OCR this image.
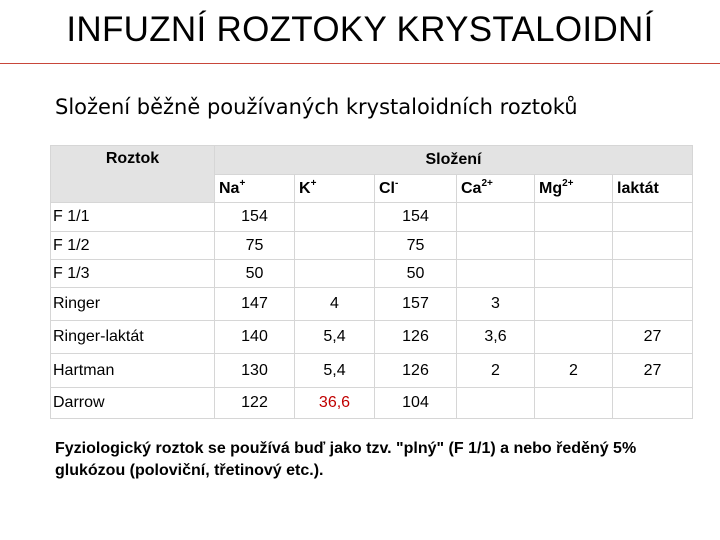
INFUZNÍ ROZTOKY KRYSTALOIDNÍ
Složení běžně používaných krystaloidních roztoků
Roztok	Složení					
	Na+	K+	Cl-	$Ca^{2+}$	$Mg^{2+}$	laktát
F 1/1	154		154			
F 1/2	75		75			
F 1/3	50		50			
Ringer	147	4	157	3		
Ringer-laktát	140	5,4	126	3,6		27
Hartman	130	5,4	126	2	2	27
Darrow	122	36,6	104			
Fyziologický roztok se používá buď jako tzv. "plný" (F 1/1) a nebo ředěný 5% glukózou (poloviční, třetinový etc.).
